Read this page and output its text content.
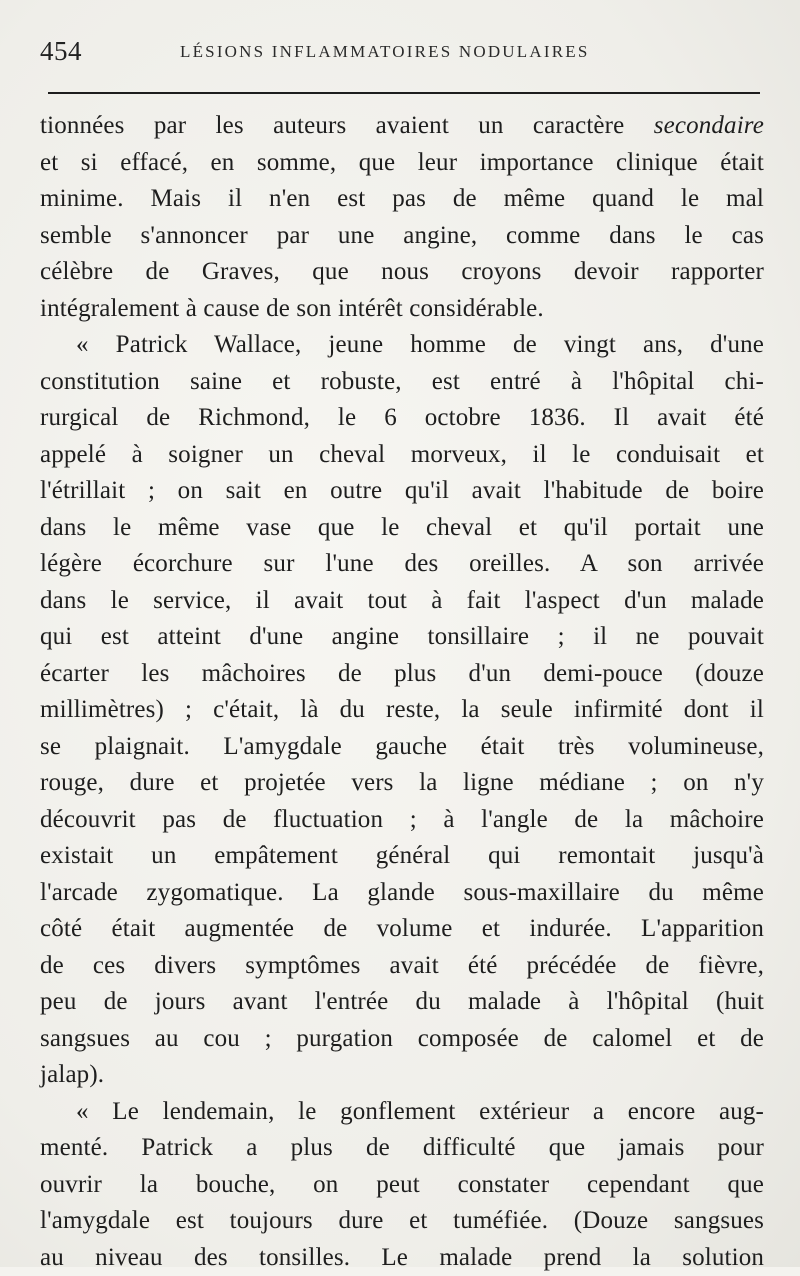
454	LÉSIONS INFLAMMATOIRES NODULAIRES
tionnées par les auteurs avaient un caractère secondaire
et si effacé, en somme, que leur importance clinique était
minime. Mais il n'en est pas de même quand le mal
semble s'annoncer par une angine, comme dans le cas
célèbre de Graves, que nous croyons devoir rapporter
intégralement à cause de son intérêt considérable.
« Patrick Wallace, jeune homme de vingt ans, d'une
constitution saine et robuste, est entré à l'hôpital chi-
rurgical de Richmond, le 6 octobre 1836. Il avait été
appelé à soigner un cheval morveux, il le conduisait et
l'étrillait ; on sait en outre qu'il avait l'habitude de boire
dans le même vase que le cheval et qu'il portait une
légère écorchure sur l'une des oreilles. A son arrivée
dans le service, il avait tout à fait l'aspect d'un malade
qui est atteint d'une angine tonsillaire ; il ne pouvait
écarter les mâchoires de plus d'un demi-pouce (douze
millimètres) ; c'était, là du reste, la seule infirmité dont il
se plaignait. L'amygdale gauche était très volumineuse,
rouge, dure et projetée vers la ligne médiane ; on n'y
découvrit pas de fluctuation ; à l'angle de la mâchoire
existait un empâtement général qui remontait jusqu'à
l'arcade zygomatique. La glande sous-maxillaire du même
côté était augmentée de volume et indurée. L'apparition
de ces divers symptômes avait été précédée de fièvre,
peu de jours avant l'entrée du malade à l'hôpital (huit
sangsues au cou ; purgation composée de calomel et de
jalap).
« Le lendemain, le gonflement extérieur a encore aug-
menté. Patrick a plus de difficulté que jamais pour
ouvrir la bouche, on peut constater cependant que
l'amygdale est toujours dure et tuméfiée. (Douze sangsues
au niveau des tonsilles. Le malade prend la solution
